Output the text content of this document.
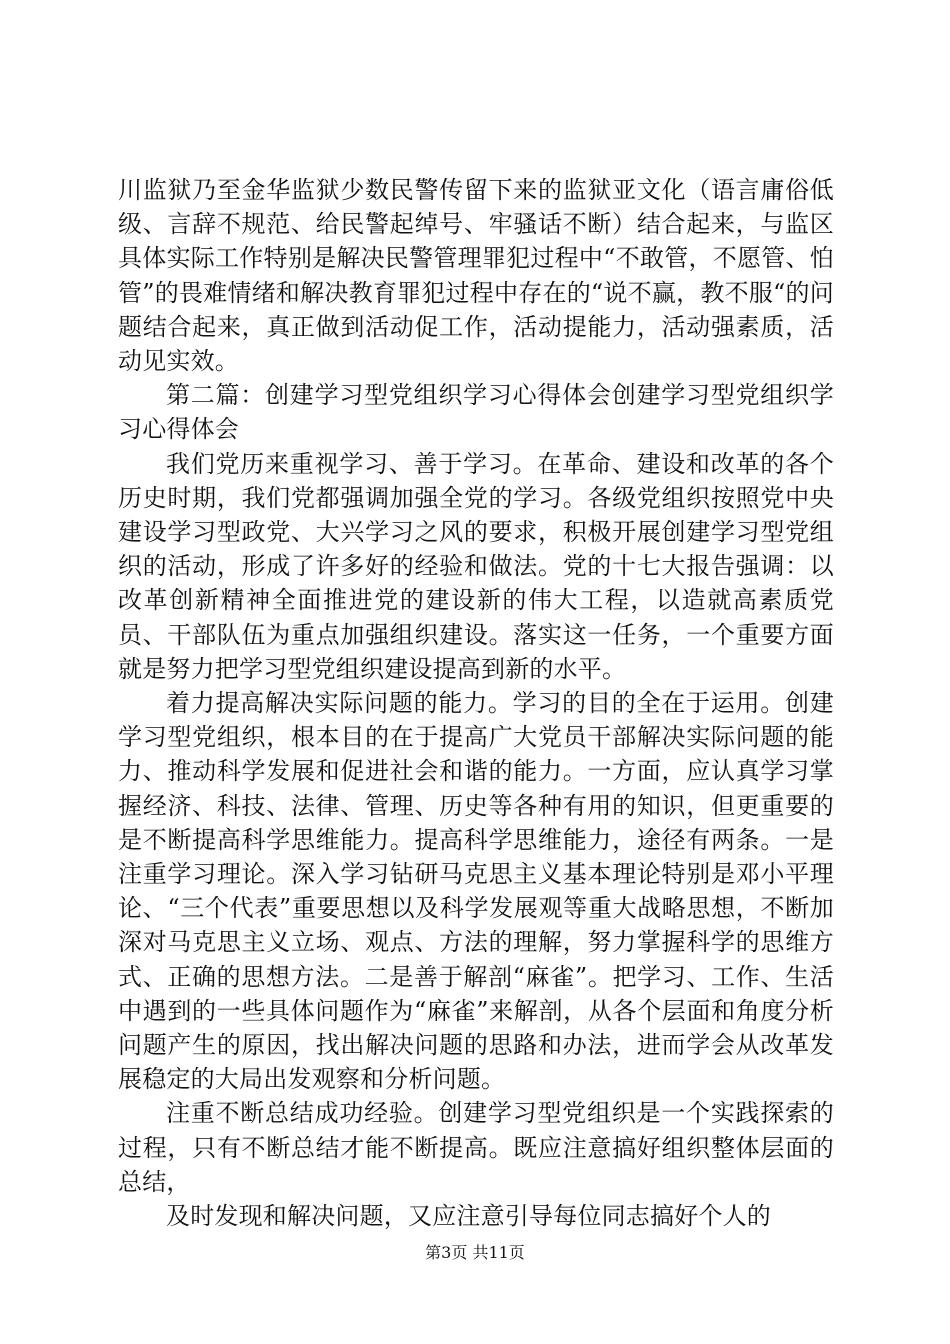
川监狱乃至金华监狱少数民警传留下来的监狱亚文化（语言庸俗低级、言辞不规范、给民警起绰号、牢骚话不断）结合起来，与监区具体实际工作特别是解决民警管理罪犯过程中“不敢管，不愿管、怕管”的畏难情绪和解决教育罪犯过程中存在的“说不赢，教不服“的问题结合起来，真正做到活动促工作，活动提能力，活动强素质，活动见实效。

第二篇：创建学习型党组织学习心得体会创建学习型党组织学习心得体会

我们党历来重视学习、善于学习。在革命、建设和改革的各个历史时期，我们党都强调加强全党的学习。各级党组织按照党中央建设学习型政党、大兴学习之风的要求，积极开展创建学习型党组织的活动，形成了许多好的经验和做法。党的十七大报告强调：以改革创新精神全面推进党的建设新的伟大工程，以造就高素质党员、干部队伍为重点加强组织建设。落实这一任务，一个重要方面就是努力把学习型党组织建设提高到新的水平。

着力提高解决实际问题的能力。学习的目的全在于运用。创建学习型党组织，根本目的在于提高广大党员干部解决实际问题的能力、推动科学发展和促进社会和谐的能力。一方面，应认真学习掌握经济、科技、法律、管理、历史等各种有用的知识，但更重要的是不断提高科学思维能力。提高科学思维能力，途径有两条。一是注重学习理论。深入学习钻研马克思主义基本理论特别是邓小平理论、“三个代表”重要思想以及科学发展观等重大战略思想，不断加深对马克思主义立场、观点、方法的理解，努力掌握科学的思维方式、正确的思想方法。二是善于解剖“麻雀”。把学习、工作、生活中遇到的一些具体问题作为“麻雀”来解剖，从各个层面和角度分析问题产生的原因，找出解决问题的思路和办法，进而学会从改革发展稳定的大局出发观察和分析问题。

注重不断总结成功经验。创建学习型党组织是一个实践探索的过程，只有不断总结才能不断提高。既应注意搞好组织整体层面的总结，

及时发现和解决问题，又应注意引导每位同志搞好个人的

第3页 共11页
